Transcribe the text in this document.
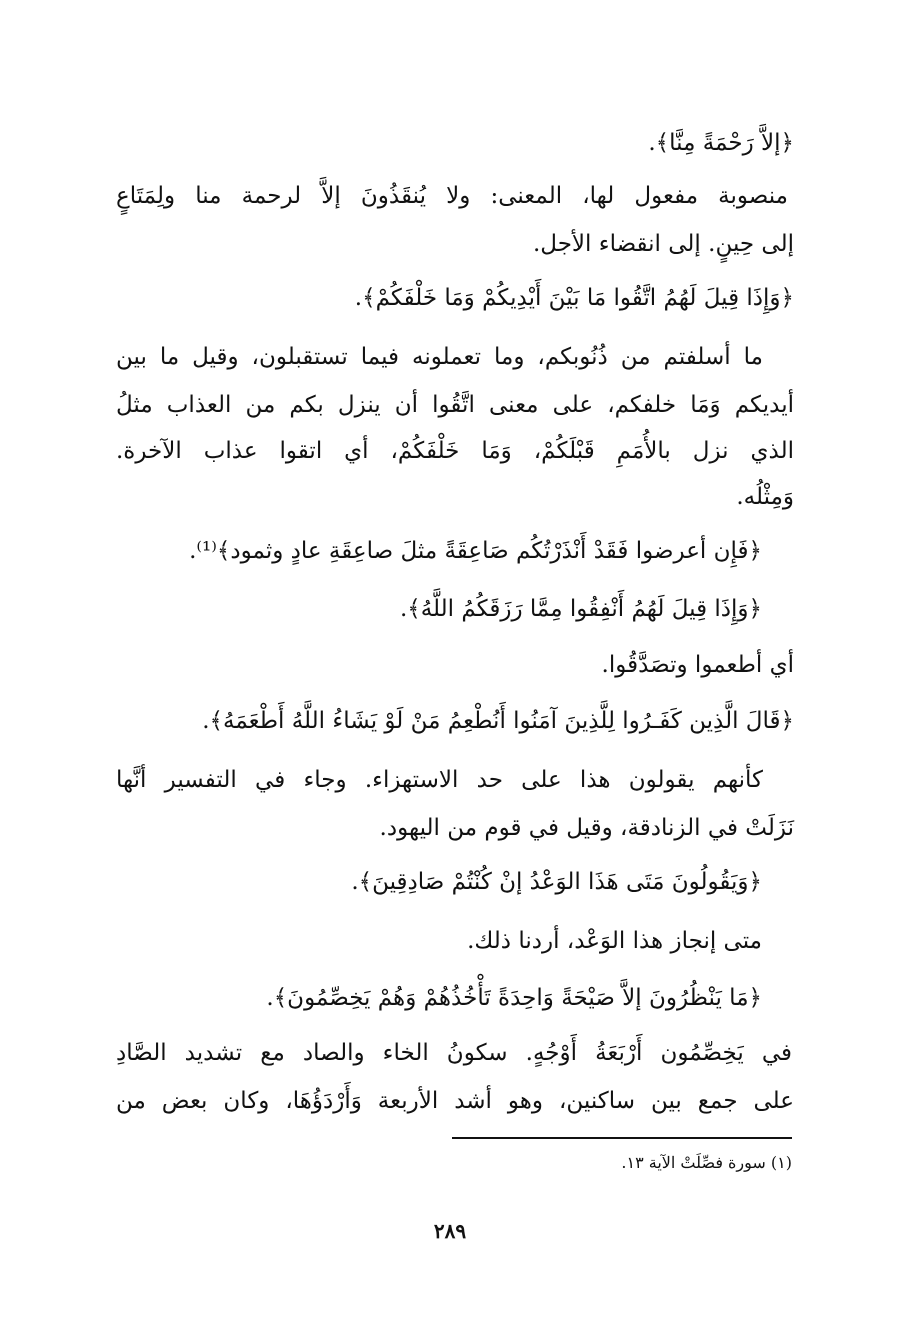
﴿إلاَّ رَحْمَةً مِنَّا﴾.
منصوبة مفعول لها، المعنى: ولا يُنقَذُونَ إلاَّ لرحمة منا ولِمَتَاعٍ
إلى حِينٍ. إلى انقضاء الأجل.
﴿وَإِذَا قِيلَ لَهُمُ اتَّقُوا مَا بَيْنَ أَيْدِيكُمْ وَمَا خَلْفَكُمْ﴾.
ما أسلفتم من ذُنُوبكم، وما تعملونه فيما تستقبلون، وقيل ما بين
أيديكم وَمَا خلفكم، على معنى اتَّقُوا أن ينزل بكم من العذاب مثلُ
الذي نزل بالأُمَمِ قَبْلَكُمْ، وَمَا خَلْفَكُمْ، أي اتقوا عذاب الآخرة.
وَمِثْلُه.
﴿فَإِن أعرضوا فَقَدْ أَنْذَرْتُكُم صَاعِقَةً مثلَ صاعِقَةِ عادٍ وثمود﴾⁽¹⁾.
﴿وَإِذَا قِيلَ لَهُمُ أَنْفِقُوا مِمَّا رَزَقَكُمُ اللَّهُ﴾.
أي أطعموا وتصَدَّقُوا.
﴿قَالَ الَّذِين كَفَـرُوا لِلَّذِينَ آمَنُوا أَنُطْعِمُ مَنْ لَوْ يَشَاءُ اللَّهُ أَطْعَمَهُ﴾.
كأنهم يقولون هذا على حد الاستهزاء. وجاء في التفسير أنَّها
نَزَلَتْ في الزنادقة، وقيل في قوم من اليهود.
﴿وَيَقُولُونَ مَتَى هَذَا الوَعْدُ إنْ كُنْتُمْ صَادِقِينَ﴾.
متى إنجاز هذا الوَعْد، أردنا ذلك.
﴿مَا يَنْظُرُونَ إلاَّ صَيْحَةً وَاحِدَةً تَأْخُذُهُمْ وَهُمْ يَخِصِّمُونَ﴾.
في يَخِصِّمُون أَرْبَعَةُ أَوْجُهٍ. سكونُ الخاء والصاد مع تشديد الصَّادِ
على جمع بين ساكنين، وهو أشد الأربعة وَأَرْدَؤُهَا، وكان بعض من
(١) سورة فصِّلَتْ الآية ١٣.
٢٨٩
